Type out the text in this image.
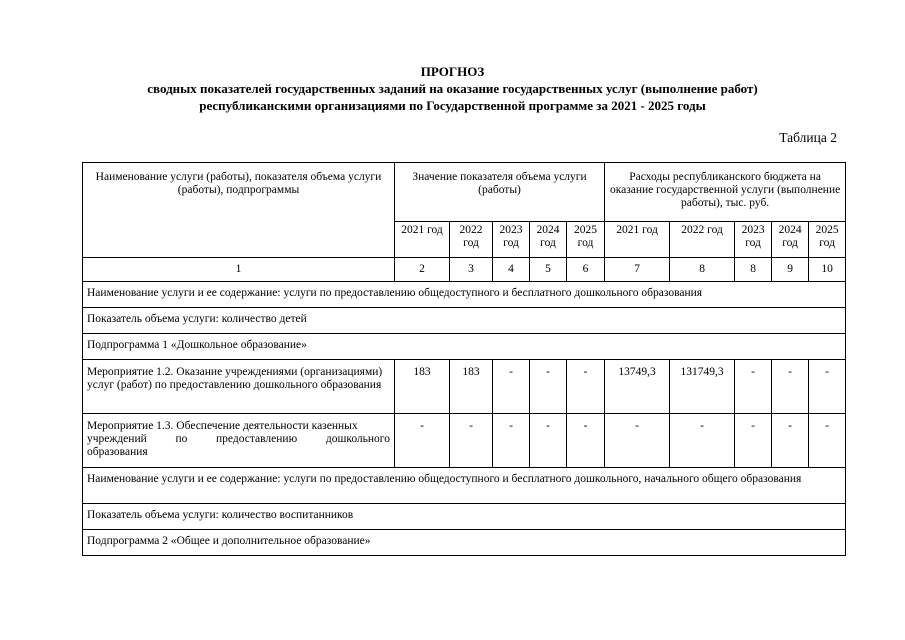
ПРОГНОЗ
сводных показателей государственных заданий на оказание государственных услуг (выполнение работ)
республиканскими организациями по Государственной программе за 2021 - 2025 годы
Таблица 2
Наименование услуги (работы), показателя объема услуги (работы), подпрограммы	Значение показателя объема услуги (работы)					Расходы республиканского бюджета на оказание государственной услуги (выполнение работы), тыс. руб.				
	2021 год	2022 год	2023 год	2024 год	2025 год	2021 год	2022 год	2023 год	2024 год	2025 год
1	2	3	4	5	6	7	8	8	9	10
Наименование услуги и ее содержание: услуги по предоставлению общедоступного и бесплатного дошкольного образования										
Показатель объема услуги: количество детей										
Подпрограмма 1 «Дошкольное образование»										
Мероприятие 1.2. Оказание учреждениями (организациями) услуг (работ) по предоставлению дошкольного образования	183	183	-	-	-	13749,3	131749,3	-	-	-

Мероприятие 1.3. Обеспечение деятельности казенных
учреждений по предоставлению дошкольного
образования	-	-	-	-	-	-	-	-	-	-
Наименование услуги и ее содержание: услуги по предоставлению общедоступного и бесплатного дошкольного, начального общего образования										
Показатель объема услуги: количество воспитанников										
Подпрограмма 2 «Общее и дополнительное образование»										
